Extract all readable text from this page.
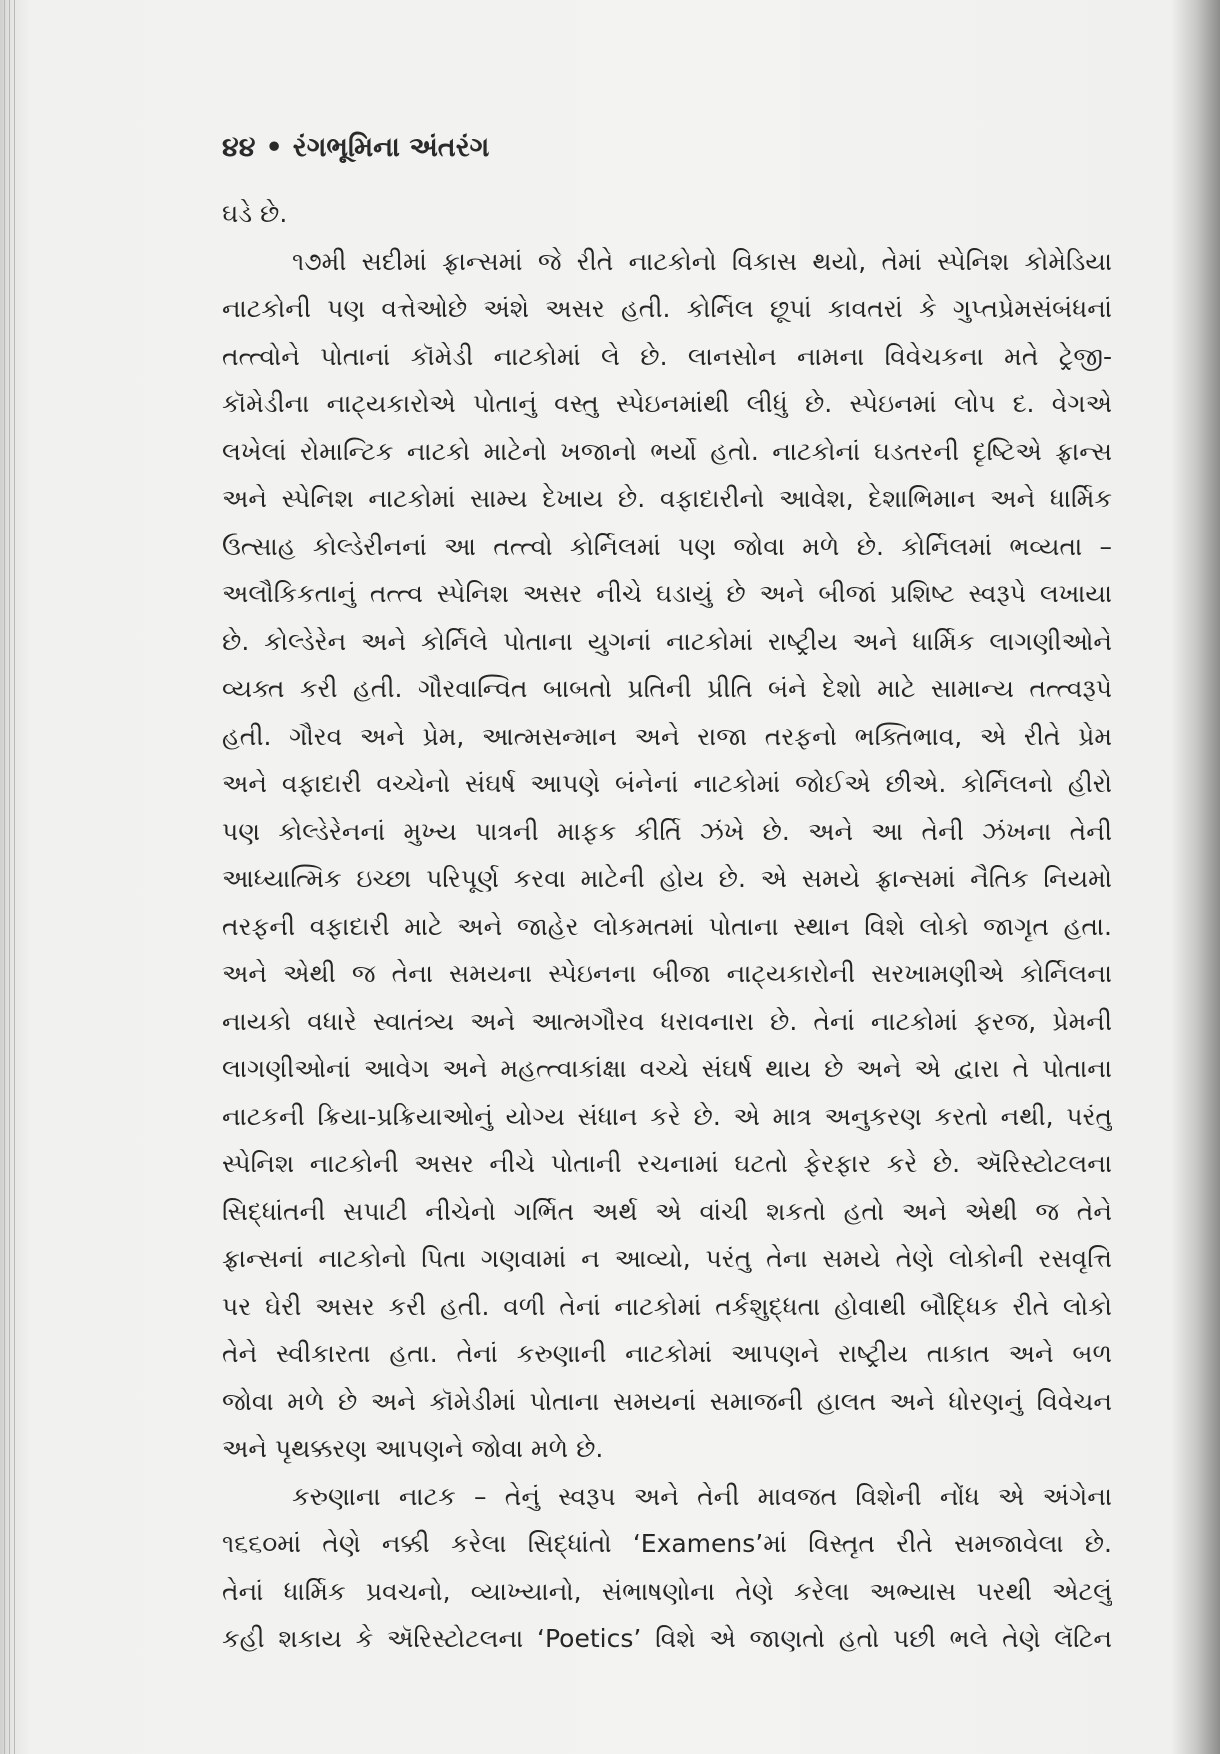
૪૪ • રંગભૂમિના અંતરંગ
ઘડે છે.
૧૭મી સદીમાં ફ્રાન્સમાં જે રીતે નાટકોનો વિકાસ થયો, તેમાં સ્પેનિશ કોમેડિયા
નાટકોની પણ વત્તેઓછે અંશે અસર હતી. કોર્નિલ છૂપાં કાવતરાં કે ગુપ્તપ્રેમસંબંધનાં
તત્ત્વોને પોતાનાં કૉમેડી નાટકોમાં લે છે. લાનસોન નામના વિવેચકના મતે ટ્રેજી-
કૉમેડીના નાટ્યકારોએ પોતાનું વસ્તુ સ્પેઇનમાંથી લીધું છે. સ્પેઇનમાં લોપ દ. વેગએ
લખેલાં રોમાન્ટિક નાટકો માટેનો ખજાનો ભર્યો હતો. નાટકોનાં ઘડતરની દૃષ્ટિએ ફ્રાન્સ
અને સ્પેનિશ નાટકોમાં સામ્ય દેખાય છે. વફાદારીનો આવેશ, દેશાભિમાન અને ધાર્મિક
ઉત્સાહ કોલ્ડેરીનનાં આ તત્ત્વો કોર્નિલમાં પણ જોવા મળે છે. કોર્નિલમાં ભવ્યતા –
અલૌકિકતાનું તત્ત્વ સ્પેનિશ અસર નીચે ઘડાયું છે અને બીજાં પ્રશિષ્ટ સ્વરૂપે લખાયા
છે. કોલ્ડેરેન અને કોર્નિલે પોતાના યુગનાં નાટકોમાં રાષ્ટ્રીય અને ધાર્મિક લાગણીઓને
વ્યક્ત કરી હતી. ગૌરવાન્વિત બાબતો પ્રતિની પ્રીતિ બંને દેશો માટે સામાન્ય તત્ત્વરૂપે
હતી. ગૌરવ અને પ્રેમ, આત્મસન્માન અને રાજા તરફનો ભક્તિભાવ, એ રીતે પ્રેમ
અને વફાદારી વચ્ચેનો સંઘર્ષ આપણે બંનેનાં નાટકોમાં જોઈએ છીએ. કોર્નિલનો હીરો
પણ કોલ્ડેરેનનાં મુખ્ય પાત્રની માફક કીર્તિ ઝંખે છે. અને આ તેની ઝંખના તેની
આધ્યાત્મિક ઇચ્છા પરિપૂર્ણ કરવા માટેની હોય છે. એ સમયે ફ્રાન્સમાં નૈતિક નિયમો
તરફની વફાદારી માટે અને જાહેર લોકમતમાં પોતાના સ્થાન વિશે લોકો જાગૃત હતા.
અને એથી જ તેના સમયના સ્પેઇનના બીજા નાટ્યકારોની સરખામણીએ કોર્નિલના
નાયકો વધારે સ્વાતંત્ર્ય અને આત્મગૌરવ ધરાવનારા છે. તેનાં નાટકોમાં ફરજ, પ્રેમની
લાગણીઓનાં આવેગ અને મહત્ત્વાકાંક્ષા વચ્ચે સંઘર્ષ થાય છે અને એ દ્વારા તે પોતાના
નાટકની ક્રિયા-પ્રક્રિયાઓનું યોગ્ય સંધાન કરે છે. એ માત્ર અનુકરણ કરતો નથી, પરંતુ
સ્પેનિશ નાટકોની અસર નીચે પોતાની રચનામાં ઘટતો ફેરફાર કરે છે. ઍરિસ્ટોટલના
સિદ્ધાંતની સપાટી નીચેનો ગર્ભિત અર્થ એ વાંચી શકતો હતો અને એથી જ તેને
ફ્રાન્સનાં નાટકોનો પિતા ગણવામાં ન આવ્યો, પરંતુ તેના સમયે તેણે લોકોની રસવૃત્તિ
પર ઘેરી અસર કરી હતી. વળી તેનાં નાટકોમાં તર્કશુદ્ધતા હોવાથી બૌદ્ધિક રીતે લોકો
તેને સ્વીકારતા હતા. તેનાં કરુણાની નાટકોમાં આપણને રાષ્ટ્રીય તાકાત અને બળ
જોવા મળે છે અને કૉમેડીમાં પોતાના સમયનાં સમાજની હાલત અને ધોરણનું વિવેચન
અને પૃથક્કરણ આપણને જોવા મળે છે.
કરુણાના નાટક – તેનું સ્વરૂપ અને તેની માવજત વિશેની નોંધ એ અંગેના
૧૬૬૦માં તેણે નક્કી કરેલા સિદ્ધાંતો ‘Examens’માં વિસ્તૃત રીતે સમજાવેલા છે.
તેનાં ધાર્મિક પ્રવચનો, વ્યાખ્યાનો, સંભાષણોના તેણે કરેલા અભ્યાસ પરથી એટલું
કહી શકાય કે ઍરિસ્ટોટલના ‘Poetics’ વિશે એ જાણતો હતો પછી ભલે તેણે લૅટિન
